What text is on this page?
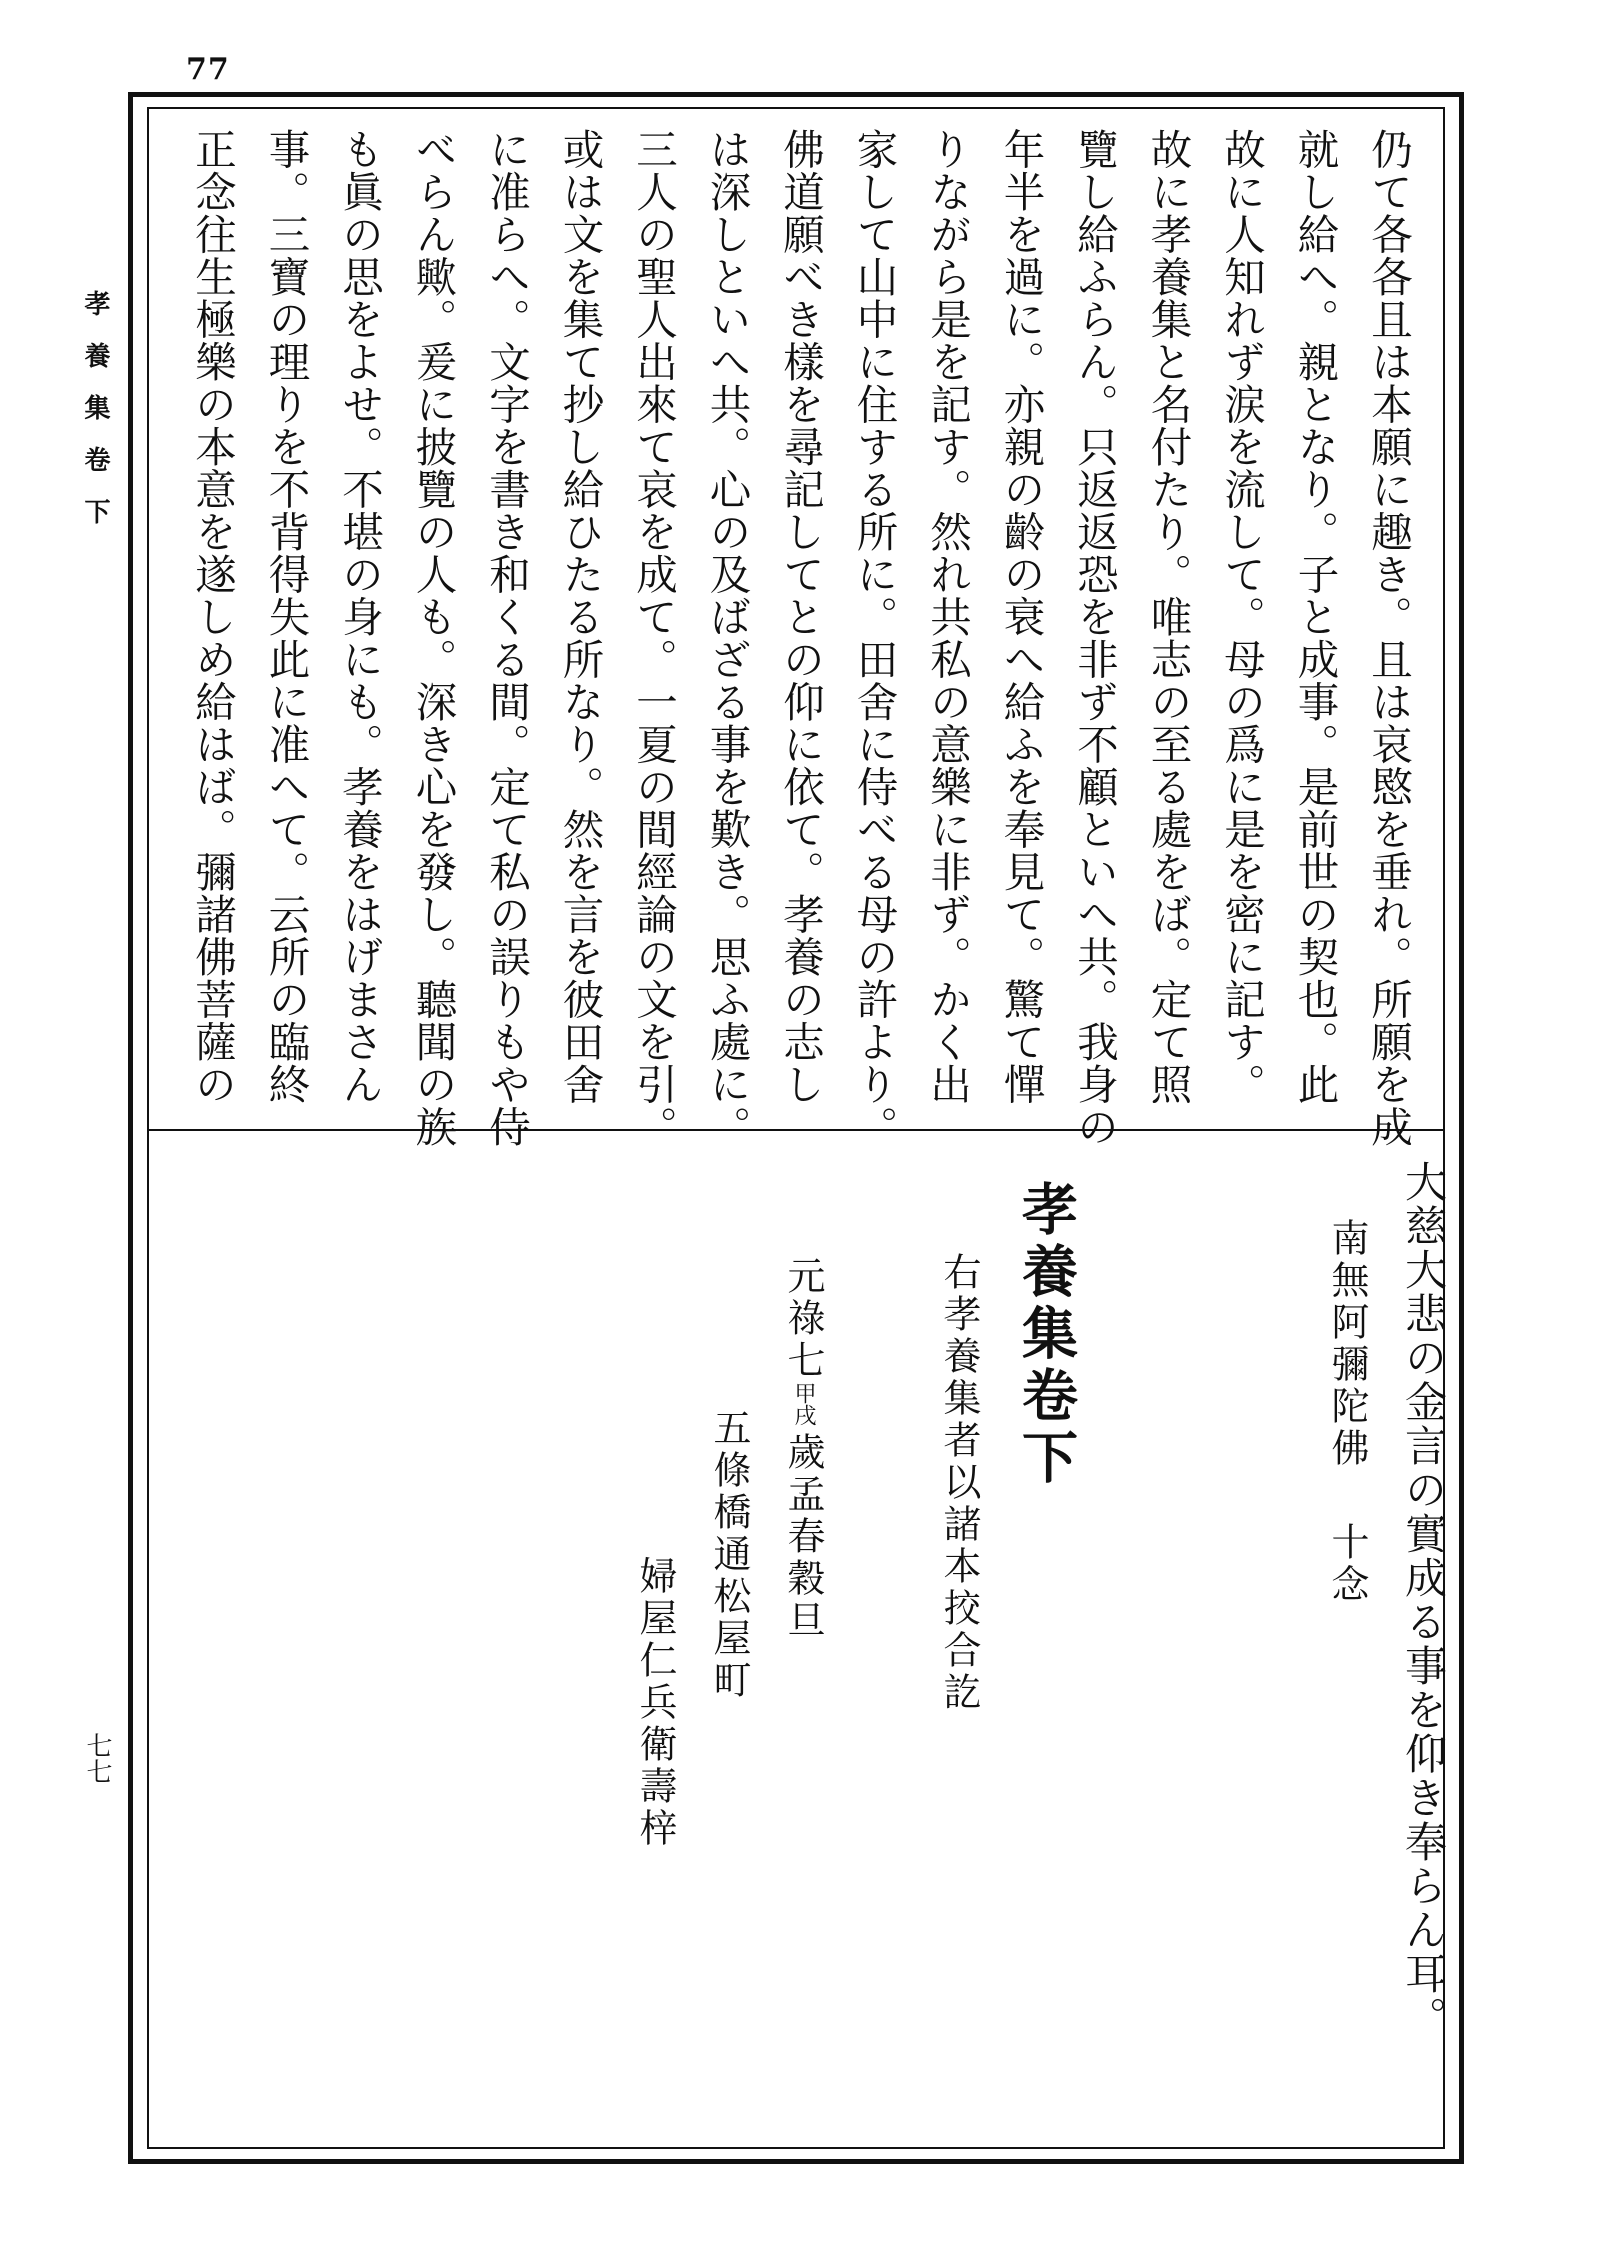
77
孝養集卷下
七七
仍て各各且は本願に趣き。且は哀愍を垂れ。所願を成
就し給へ。親となり。子と成事。是前世の契也。此
故に人知れず涙を流して。母の爲に是を密に記す。
故に孝養集と名付たり。唯志の至る處をば。定て照
覽し給ふらん。只返返恐を非ず不顧といへ共。我身の
年半を過に。亦親の齡の衰へ給ふを奉見て。驚て憚
りながら是を記す。然れ共私の意樂に非ず。かく出
家して山中に住する所に。田舍に侍べる母の許より。
佛道願べき樣を尋記してとの仰に依て。孝養の志し
は深しといへ共。心の及ばざる事を歎き。思ふ處に。
三人の聖人出來て哀を成て。一夏の間經論の文を引。
或は文を集て抄し給ひたる所なり。然を言を彼田舍
に准らへ。文字を書き和くる間。定て私の誤りもや侍
べらん歟。爰に披覽の人も。深き心を發し。聽聞の族
も眞の思をよせ。不堪の身にも。孝養をはげまさん
事。三寶の理りを不背得失此に准へて。云所の臨終
正念往生極樂の本意を遂しめ給はば。彌諸佛菩薩の
大慈大悲の金言の實成る事を仰き奉らん耳。
南無阿彌陀佛十念
孝養集卷下
右孝養集者以諸本挍合訖
元祿七甲戌歲孟春穀旦
五條橋通松屋町
婦屋仁兵衛壽梓
